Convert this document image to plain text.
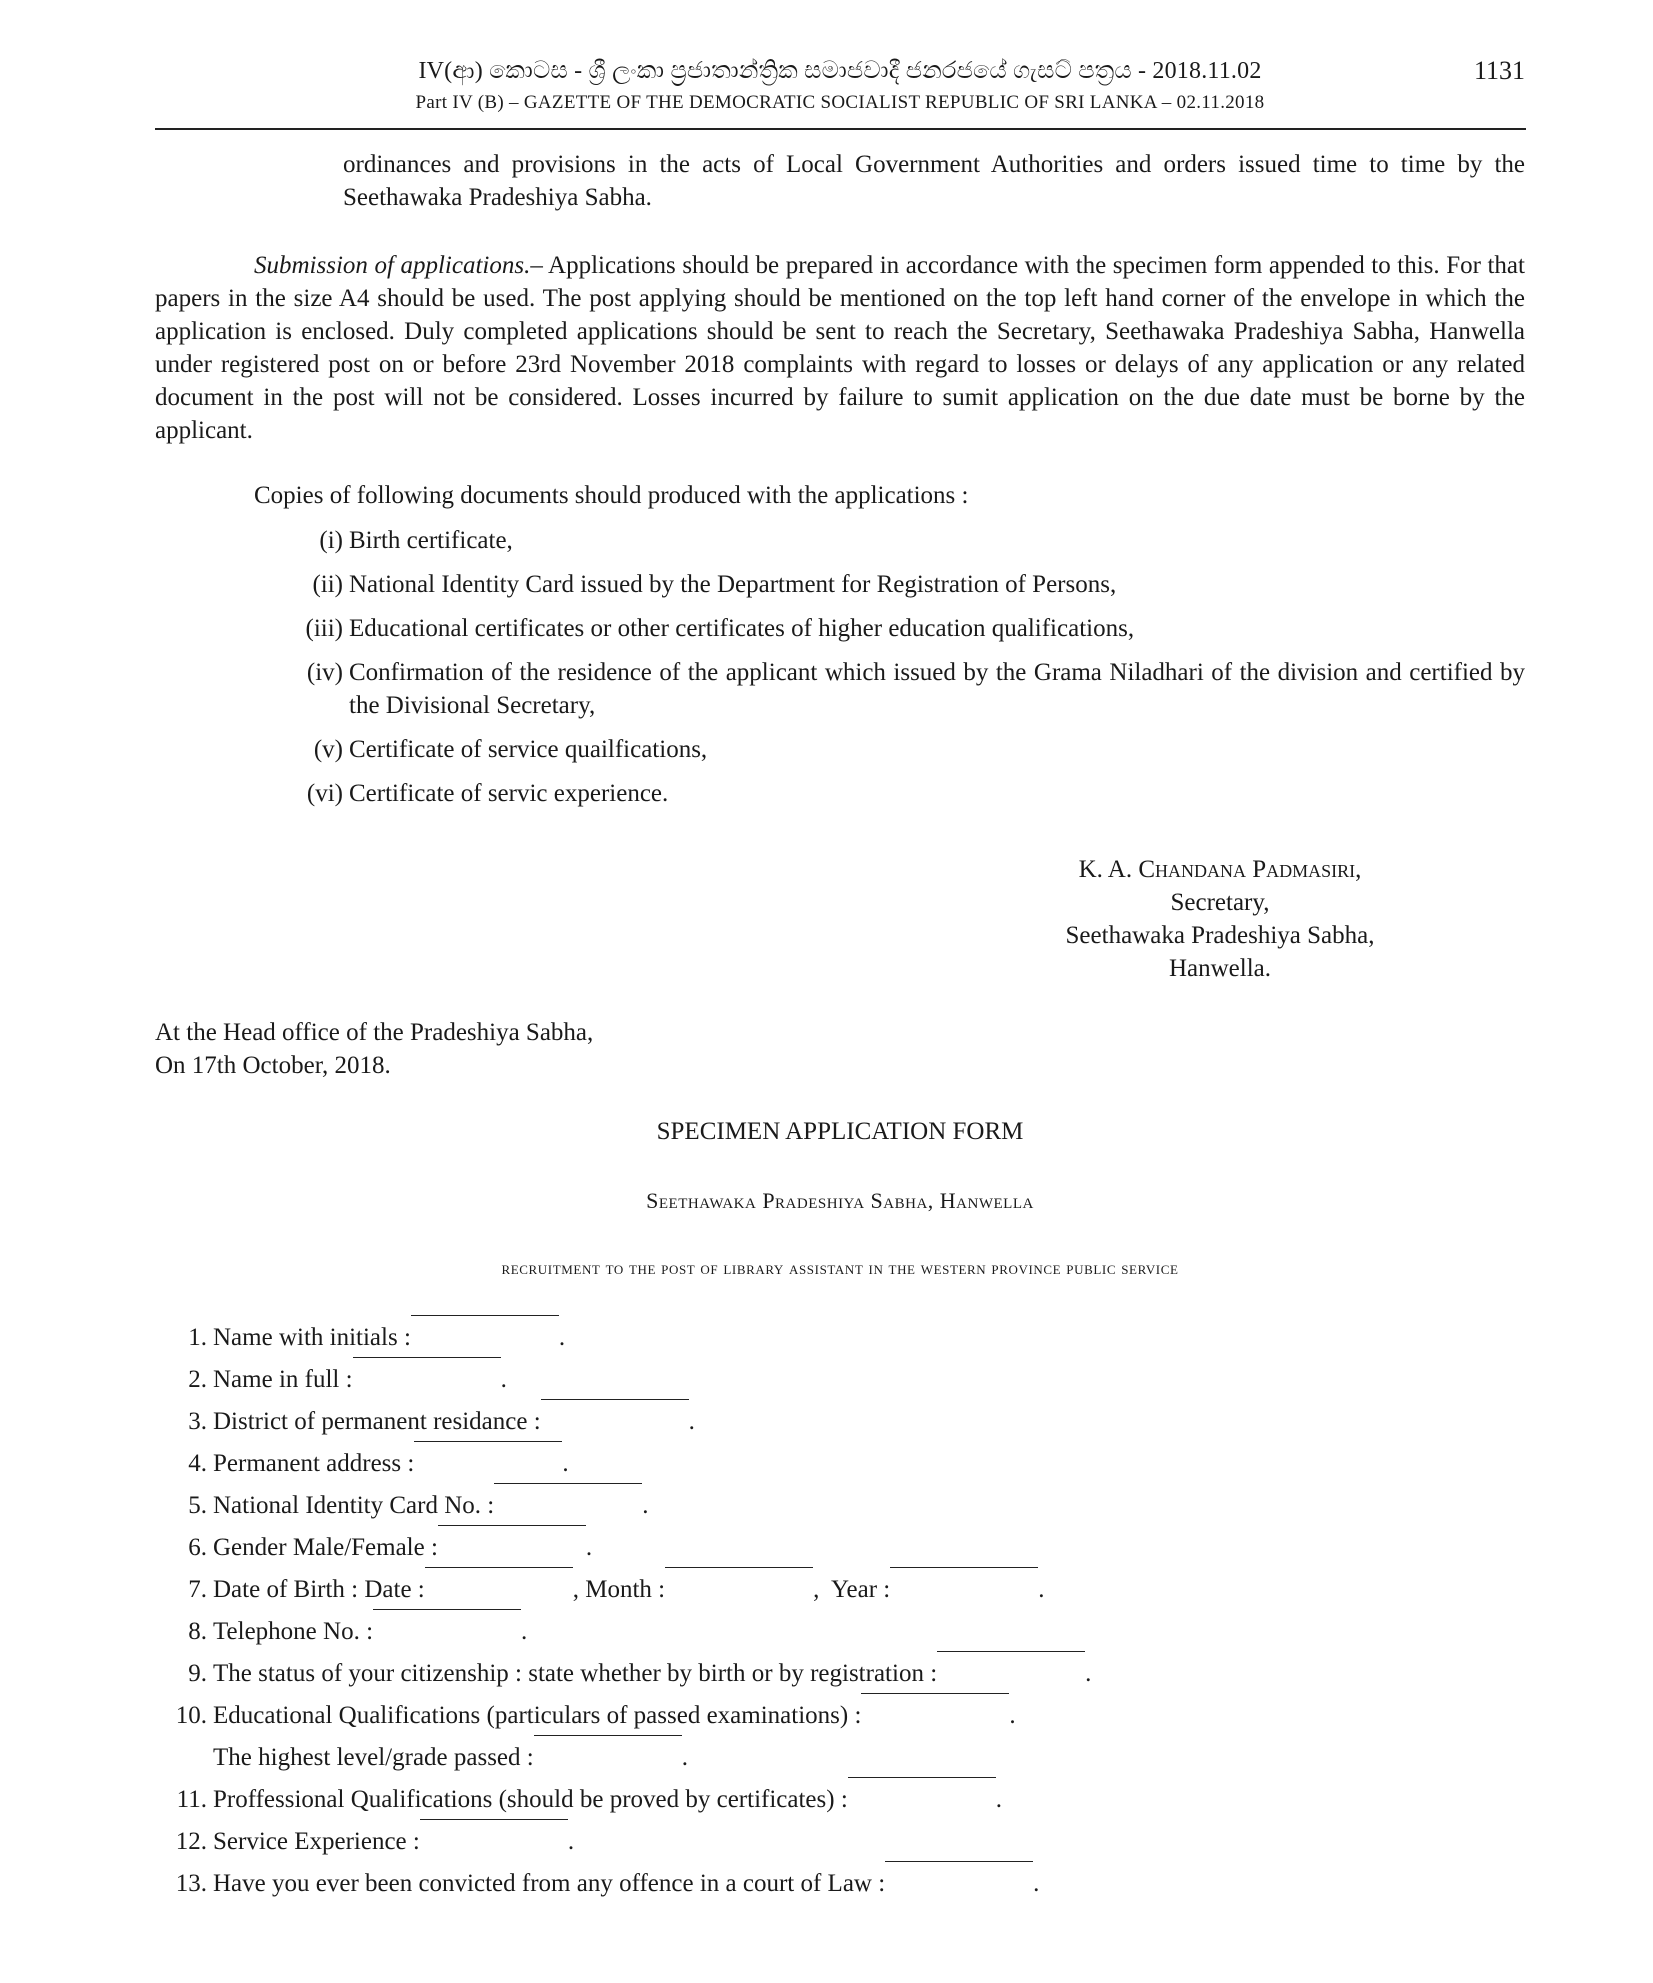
IV(ආ) කොටස - ශ්‍රී ලංකා ප්‍රජාතාන්ත්‍රික සමාජවාදී ජනරජයේ ගැසට් පත්‍රය - 2018.11.02
Part IV (B) – GAZETTE OF THE DEMOCRATIC SOCIALIST REPUBLIC OF SRI LANKA – 02.11.2018
1131
ordinances and provisions in the acts of Local Government Authorities and orders issued time to time by the Seethawaka Pradeshiya Sabha.
Submission of applications.– Applications should be prepared in accordance with the specimen form appended to this. For that papers in the size A4 should be used. The post applying should be mentioned on the top left hand corner of the envelope in which the application is enclosed. Duly completed applications should be sent to reach the Secretary, Seethawaka Pradeshiya Sabha, Hanwella under registered post on or before 23rd November 2018 complaints with regard to losses or delays of any application or any related document in the post will not be considered. Losses incurred by failure to sumit application on the due date must be borne by the applicant.
Copies of following documents should produced with the applications :
(i) Birth certificate,
(ii) National Identity Card issued by the Department for Registration of Persons,
(iii) Educational certificates or other certificates of higher education qualifications,
(iv) Confirmation of the residence of the applicant which issued by the Grama Niladhari of the division and certified by the Divisional Secretary,
(v) Certificate of service quailfications,
(vi) Certificate of servic experience.
K. A. Chandana Padmasiri,
Secretary,
Seethawaka Pradeshiya Sabha,
Hanwella.
At the Head office of the Pradeshiya Sabha,
On 17th October, 2018.
SPECIMEN APPLICATION FORM
Seethawaka Pradeshiya Sabha, Hanwella
recruitment to the post of library assistant in the western province public service
1. Name with initials :	.
2. Name in full :	.
3. District of permanent residance :	.
4. Permanent address :	.
5. National Identity Card No. :	.
6. Gender Male/Female :	.
7. Date of Birth : Date :	, Month :	,  Year :	.
8. Telephone No. :	.
9. The status of your citizenship : state whether by birth or by registration :	.
10. Educational Qualifications (particulars of passed examinations) :	.
The highest level/grade passed :	.
11. Proffessional Qualifications (should be proved by certificates) :	.
12. Service Experience :	.
13. Have you ever been convicted from any offence in a court of Law :	.
